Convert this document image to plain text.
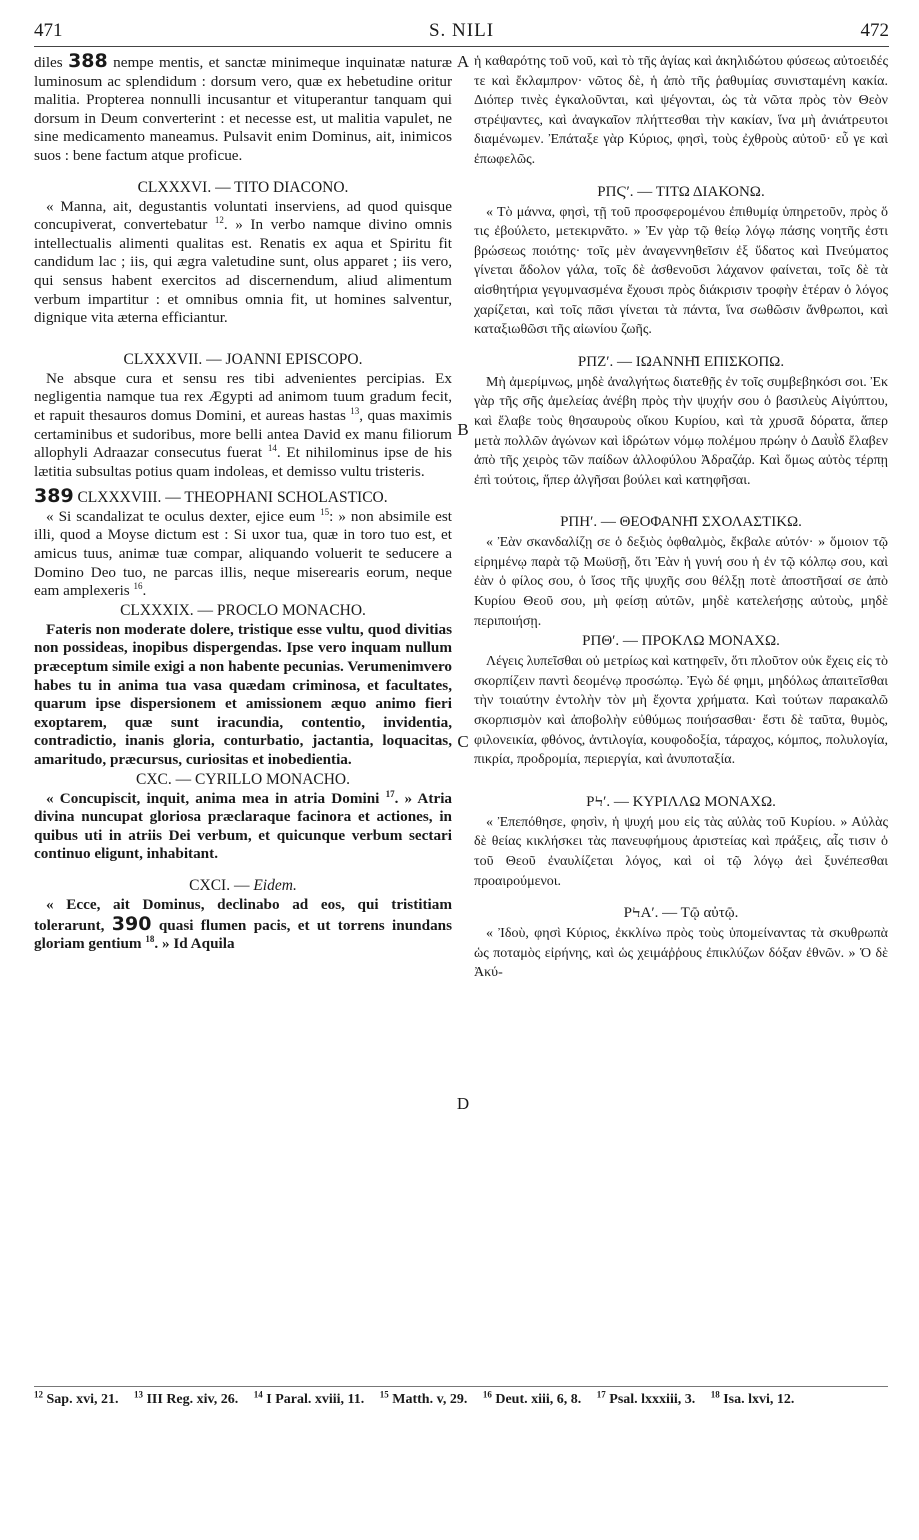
471	S. NILI	472
A
B
C
D

diles 388 nempe mentis, et sanctæ minimeque inquinatæ naturæ luminosum ac splendidum : dorsum vero, quæ ex hebetudine oritur malitia. Propterea nonnulli incusantur et vituperantur tanquam qui dorsum in Deum converterint : et necesse est, ut malitia vapulet, ne sine medicamento maneamus. Pulsavit enim Dominus, ait, inimicos suos : bene factum atque proficue.

CLXXXVI. — TITO DIACONO.

« Manna, ait, degustantis voluntati inserviens, ad quod quisque concupiverat, convertebatur $^{12}$. » In verbo namque divino omnis intellectualis alimenti qualitas est. Renatis ex aqua et Spiritu fit candidum lac ; iis, qui ægra valetudine sunt, olus apparet ; iis vero, qui sensus habent exercitos ad discernendum, aliud alimentum verbum impartitur : et omnibus omnia fit, ut homines salventur, dignique vita æterna efficiantur.

CLXXXVII. — JOANNI EPISCOPO.

Ne absque cura et sensu res tibi advenientes percipias. Ex negligentia namque tua rex Ægypti ad animom tuum gradum fecit, et rapuit thesauros domus Domini, et aureas hastas $^{13}$, quas maximis certaminibus et sudoribus, more belli antea David ex manu filiorum allophyli Adraazar consecutus fuerat $^{14}$. Et nihilominus ipse de his lætitia subsultas potius quam indoleas, et demisso vultu tristeris.

389 CLXXXVIII. — THEOPHANI SCHOLASTICO.

« Si scandalizat te oculus dexter, ejice eum $^{15}$: » non absimile est illi, quod a Moyse dictum est : Si uxor tua, quæ in toro tuo est, et amicus tuus, animæ tuæ compar, aliquando voluerit te seducere a Domino Deo tuo, ne parcas illis, neque miserearis eorum, neque eam amplexeris $^{16}$.

CLXXXIX. — PROCLO MONACHO.

Fateris non moderate dolere, tristique esse vultu, quod divitias non possideas, inopibus dispergendas. Ipse vero inquam nullum præceptum simile exigi a non habente pecunias. Verumenimvero habes tu in anima tua vasa quædam criminosa, et facultates, quarum ipse dispersionem et amissionem æquo animo fieri exoptarem, quæ sunt iracundia, contentio, invidentia, contradictio, inanis gloria, conturbatio, jactantia, loquacitas, amaritudo, præcursus, curiositas et inobedientia.

CXC. — CYRILLO MONACHO.

« Concupiscit, inquit, anima mea in atria Domini $^{17}$. » Atria divina nuncupat gloriosa præclaraque facinora et actiones, in quibus uti in atriis Dei verbum, et quicunque verbum sectari continuo eligunt, inhabitant.

CXCI. — Eidem.

« Ecce, ait Dominus, declinabo ad eos, qui tristitiam tolerarunt, 390 quasi flumen pacis, et ut torrens inundans gloriam gentium $^{18}$. » Id Aquila

ἡ καθαρότης τοῦ νοῦ, καὶ τὸ τῆς ἁγίας καὶ ἀκηλιδώτου φύσεως αὐτοειδές τε καὶ ἔκλαμπρον· νῶτος δὲ, ἡ ἀπὸ τῆς ῥαθυμίας συνισταμένη κακία. Διόπερ τινὲς ἐγκαλοῦνται, καὶ ψέγονται, ὡς τὰ νῶτα πρὸς τὸν Θεὸν στρέψαντες, καὶ ἀναγκαῖον πλήττεσθαι τὴν κακίαν, ἵνα μὴ ἀνιάτρευτοι διαμένωμεν. Ἐπάταξε γὰρ Κύριος, φησὶ, τοὺς ἐχθροὺς αὐτοῦ· εὖ γε καὶ ἐπωφελῶς.

ΡΠϚʹ. — ΤΙΤΩ ΔΙΑΚΟΝΩ.

« Τὸ μάννα, φησὶ, τῇ τοῦ προσφερομένου ἐπιθυμίᾳ ὑπηρετοῦν, πρὸς ὅ τις ἐβούλετο, μετεκιρνᾶτο. » Ἐν γὰρ τῷ θείῳ λόγῳ πάσης νοητῆς ἐστι βρώσεως ποιότης· τοῖς μὲν ἀναγεννηθεῖσιν ἐξ ὕδατος καὶ Πνεύματος γίνεται ἄδολον γάλα, τοῖς δὲ ἀσθενοῦσι λάχανον φαίνεται, τοῖς δὲ τὰ αἰσθητήρια γεγυμνασμένα ἔχουσι πρὸς διάκρισιν τροφὴν ἑτέραν ὁ λόγος χαρίζεται, καὶ τοῖς πᾶσι γίνεται τὰ πάντα, ἵνα σωθῶσιν ἄνθρωποι, καὶ καταξιωθῶσι τῆς αἰωνίου ζωῆς.

ΡΠΖʹ. — ΙΩΑΝΝΗ͂Ι ΕΠΙΣΚΟΠΩ.

Μὴ ἀμερίμνως, μηδὲ ἀναλγήτως διατεθῇς ἐν τοῖς συμβεβηκόσι σοι. Ἐκ γὰρ τῆς σῆς ἀμελείας ἀνέβη πρὸς τὴν ψυχήν σου ὁ βασιλεὺς Αἰγύπτου, καὶ ἔλαβε τοὺς θησαυροὺς οἴκου Κυρίου, καὶ τὰ χρυσᾶ δόρατα, ἅπερ μετὰ πολλῶν ἀγώνων καὶ ἱδρώτων νόμῳ πολέμου πρώην ὁ Δαυῒδ ἔλαβεν ἀπὸ τῆς χειρὸς τῶν παίδων ἀλλοφύλου Ἀδραζάρ. Καὶ ὅμως αὐτὸς τέρπῃ ἐπὶ τούτοις, ἥπερ ἀλγῆσαι βούλει καὶ κατηφῆσαι.

ΡΠΗʹ. — ΘΕΟΦΑΝΗ͂Ι ΣΧΟΛΑΣΤΙΚΩ.

« Ἐὰν σκανδαλίζῃ σε ὁ δεξιὸς ὀφθαλμὸς, ἔκβαλε αὐτόν· » ὅμοιον τῷ εἰρημένῳ παρὰ τῷ Μωϋσῇ, ὅτι Ἐὰν ἡ γυνή σου ἡ ἐν τῷ κόλπῳ σου, καὶ ἐὰν ὁ φίλος σου, ὁ ἴσος τῆς ψυχῆς σου θέλξῃ ποτὲ ἀποστῆσαί σε ἀπὸ Κυρίου Θεοῦ σου, μὴ φείσῃ αὐτῶν, μηδὲ κατελεήσῃς αὐτοὺς, μηδὲ περιποιήσῃ.

ΡΠΘʹ. — ΠΡΟΚΛΩ ΜΟΝΑΧΩ.

Λέγεις λυπεῖσθαι οὐ μετρίως καὶ κατηφεῖν, ὅτι πλοῦτον οὐκ ἔχεις εἰς τὸ σκορπίζειν παντὶ δεομένῳ προσώπῳ. Ἐγὼ δέ φημι, μηδόλως ἀπαιτεῖσθαι τὴν τοιαύτην ἐντολὴν τὸν μὴ ἔχοντα χρήματα. Καὶ τούτων παρακαλῶ σκορπισμὸν καὶ ἀποβολὴν εὐθύμως ποιήσασθαι· ἔστι δὲ ταῦτα, θυμὸς, φιλονεικία, φθόνος, ἀντιλογία, κουφοδοξία, τάραχος, κόμπος, πολυλογία, πικρία, προδρομία, περιεργία, καὶ ἀνυποταξία.

ΡϞʹ. — ΚΥΡΙΛΛΩ ΜΟΝΑΧΩ.

« Ἐπεπόθησε, φησὶν, ἡ ψυχή μου εἰς τὰς αὐλὰς τοῦ Κυρίου. » Αὐλὰς δὲ θείας κικλήσκει τὰς πανευφήμους ἀριστείας καὶ πράξεις, αἷς τισιν ὁ τοῦ Θεοῦ ἐναυλίζεται λόγος, καὶ οἱ τῷ λόγῳ ἀεὶ ξυνέπεσθαι προαιρούμενοι.

ΡϞΑʹ. — Τῷ αὐτῷ.

« Ἰδοὺ, φησὶ Κύριος, ἐκκλίνω πρὸς τοὺς ὑπομείναντας τὰ σκυθρωπὰ ὡς ποταμὸς εἰρήνης, καὶ ὡς χειμάῤῥους ἐπικλύζων δόξαν ἐθνῶν. » Ὁ δὲ Ἀκύ-

$^{12}$ Sap. xvi, 21. $^{13}$ III Reg. xiv, 26. $^{14}$ I Paral. xviii, 11. $^{15}$ Matth. v, 29. $^{16}$ Deut. xiii, 6, 8. $^{17}$ Psal. lxxxiii, 3. $^{18}$ Isa. lxvi, 12.
